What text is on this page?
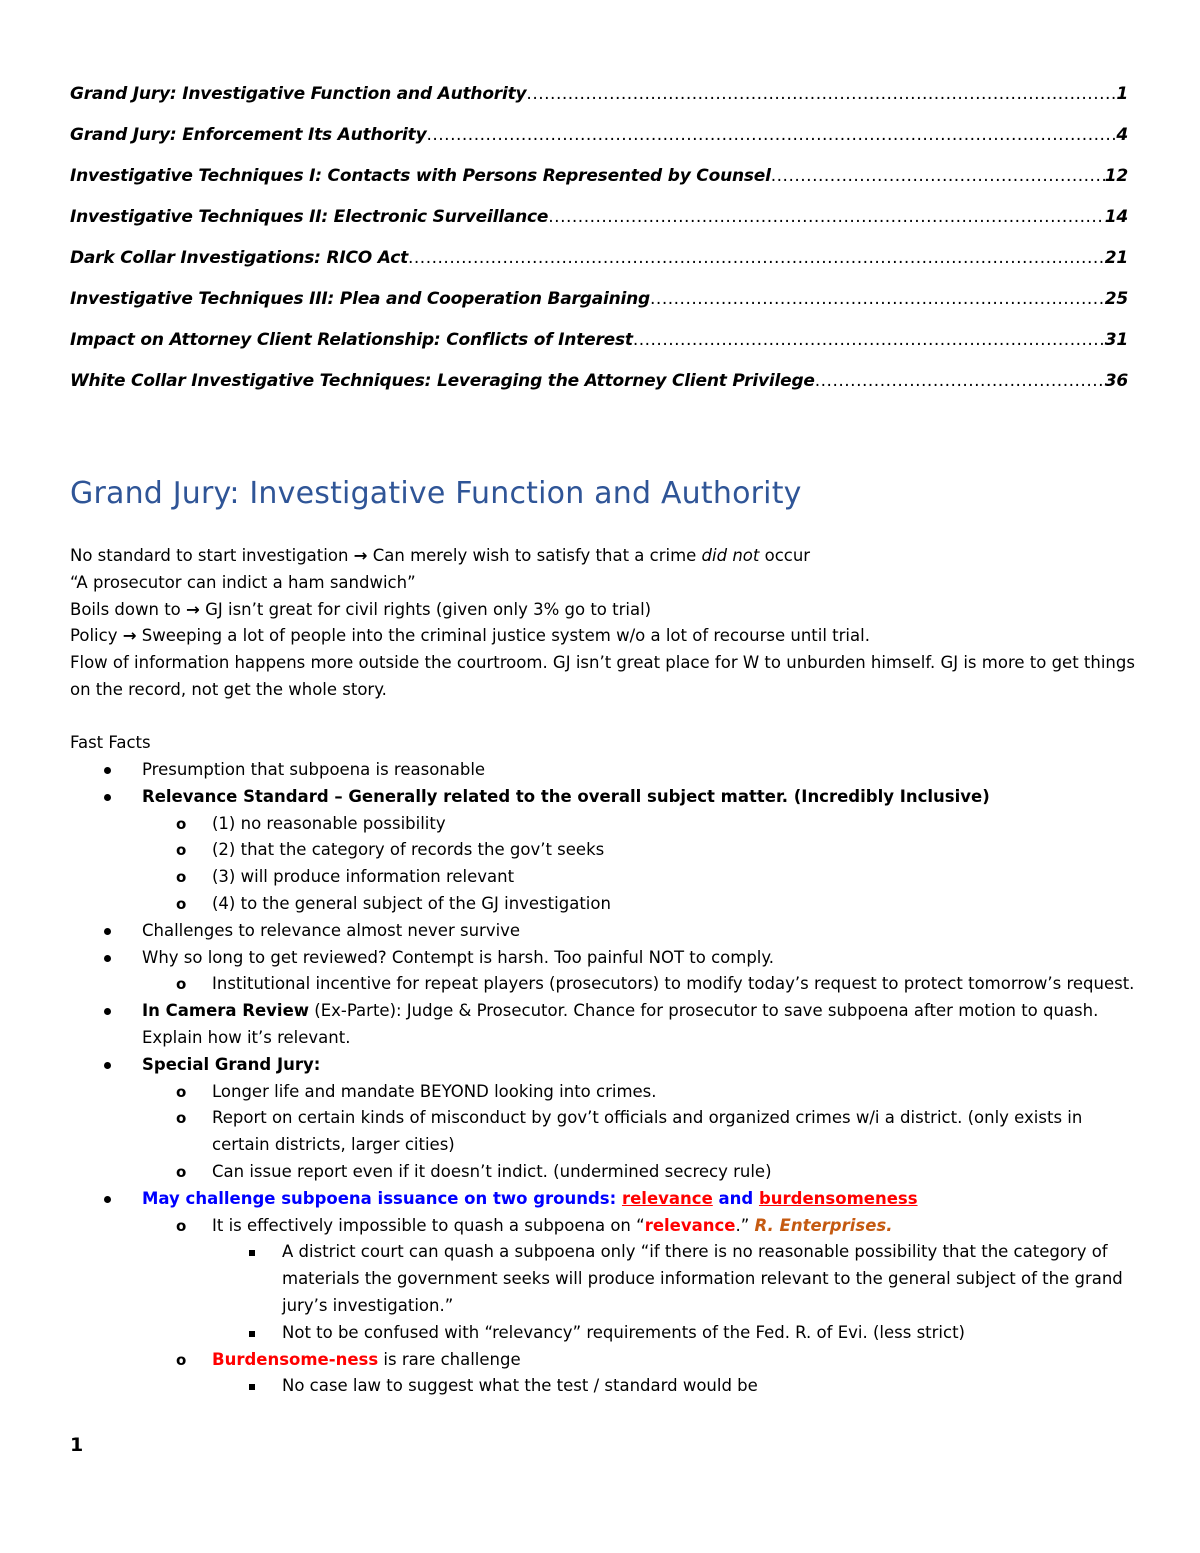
Grand Jury: Investigative Function and Authority .....	1
Grand Jury: Enforcement Its Authority .....	4
Investigative Techniques I: Contacts with Persons Represented by Counsel .....	12
Investigative Techniques II: Electronic Surveillance .....	14
Dark Collar Investigations: RICO Act .....	21
Investigative Techniques III: Plea and Cooperation Bargaining .....	25
Impact on Attorney Client Relationship: Conflicts of Interest .....	31
White Collar Investigative Techniques: Leveraging the Attorney Client Privilege .....	36
Grand Jury: Investigative Function and Authority

No standard to start investigation → Can merely wish to satisfy that a crime did not occur

“A prosecutor can indict a ham sandwich”

Boils down to → GJ isn’t great for civil rights (given only 3% go to trial)

Policy → Sweeping a lot of people into the criminal justice system w/o a lot of recourse until trial.

Flow of information happens more outside the courtroom. GJ isn’t great place for W to unburden himself. GJ is more to get things on the record, not get the whole story.

Fast Facts

Presumption that subpoena is reasonable
Relevance Standard – Generally related to the overall subject matter. (Incredibly Inclusive)
o (1) no reasonable possibility
o (2) that the category of records the gov’t seeks
o (3) will produce information relevant
o (4) to the general subject of the GJ investigation
Challenges to relevance almost never survive
Why so long to get reviewed? Contempt is harsh. Too painful NOT to comply.
o Institutional incentive for repeat players (prosecutors) to modify today’s request to protect tomorrow’s request.
In Camera Review (Ex-Parte): Judge & Prosecutor. Chance for prosecutor to save subpoena after motion to quash. Explain how it’s relevant.
Special Grand Jury:
o Longer life and mandate BEYOND looking into crimes.
o Report on certain kinds of misconduct by gov’t officials and organized crimes w/i a district. (only exists in certain districts, larger cities)
o Can issue report even if it doesn’t indict. (undermined secrecy rule)
May challenge subpoena issuance on two grounds: relevance and burdensomeness
o It is effectively impossible to quash a subpoena on “relevance.” R. Enterprises.
A district court can quash a subpoena only “if there is no reasonable possibility that the category of materials the government seeks will produce information relevant to the general subject of the grand jury’s investigation.”
Not to be confused with “relevancy” requirements of the Fed. R. of Evi. (less strict)
o Burdensome-ness is rare challenge
No case law to suggest what the test / standard would be
1
